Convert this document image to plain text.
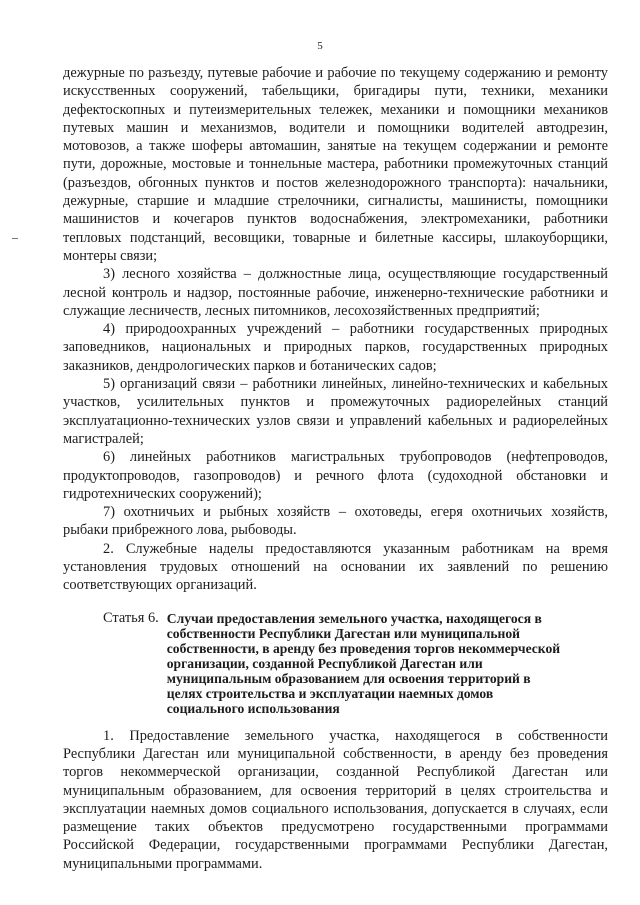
5

дежурные по разъезду, путевые рабочие и рабочие по текущему содержанию и ремонту искусственных сооружений, табельщики, бригадиры пути, техники, механики дефектоскопных и путеизмерительных тележек, механики и помощники механиков путевых машин и механизмов, водители и помощники водителей автодрезин, мотовозов, а также шоферы автомашин, занятые на текущем содержании и ремонте пути, дорожные, мостовые и тоннельные мастера, работники промежуточных станций (разъездов, обгонных пунктов и постов железнодорожного транспорта): начальники, дежурные, старшие и младшие стрелочники, сигналисты, машинисты, помощники машинистов и кочегаров пунктов водоснабжения, электромеханики, работники тепловых подстанций, весовщики, товарные и билетные кассиры, шлакоуборщики, монтеры связи;

3) лесного хозяйства – должностные лица, осуществляющие государственный лесной контроль и надзор, постоянные рабочие, инженерно-технические работники и служащие лесничеств, лесных питомников, лесохозяйственных предприятий;

4) природоохранных учреждений – работники государственных природных заповедников, национальных и природных парков, государственных природных заказников, дендрологических парков и ботанических садов;

5) организаций связи – работники линейных, линейно-технических и кабельных участков, усилительных пунктов и промежуточных радиорелейных станций эксплуатационно-технических узлов связи и управлений кабельных и радиорелейных магистралей;

6) линейных работников магистральных трубопроводов (нефтепроводов, продуктопроводов, газопроводов) и речного флота (судоходной обстановки и гидротехнических сооружений);

7) охотничьих и рыбных хозяйств – охотоведы, егеря охотничьих хозяйств, рыбаки прибрежного лова, рыбоводы.

2. Служебные наделы предоставляются указанным работникам на время установления трудовых отношений на основании их заявлений по решению соответствующих организаций.

Статья 6. Случаи предоставления земельного участка, находящегося в собственности Республики Дагестан или муниципальной собственности, в аренду без проведения торгов некоммерческой организации, созданной Республикой Дагестан или муниципальным образованием для освоения территорий в целях строительства и эксплуатации наемных домов социального использования

1. Предоставление земельного участка, находящегося в собственности Республики Дагестан или муниципальной собственности, в аренду без проведения торгов некоммерческой организации, созданной Республикой Дагестан или муниципальным образованием, для освоения территорий в целях строительства и эксплуатации наемных домов социального использования, допускается в случаях, если размещение таких объектов предусмотрено государственными программами Российской Федерации, государственными программами Республики Дагестан, муниципальными программами.
